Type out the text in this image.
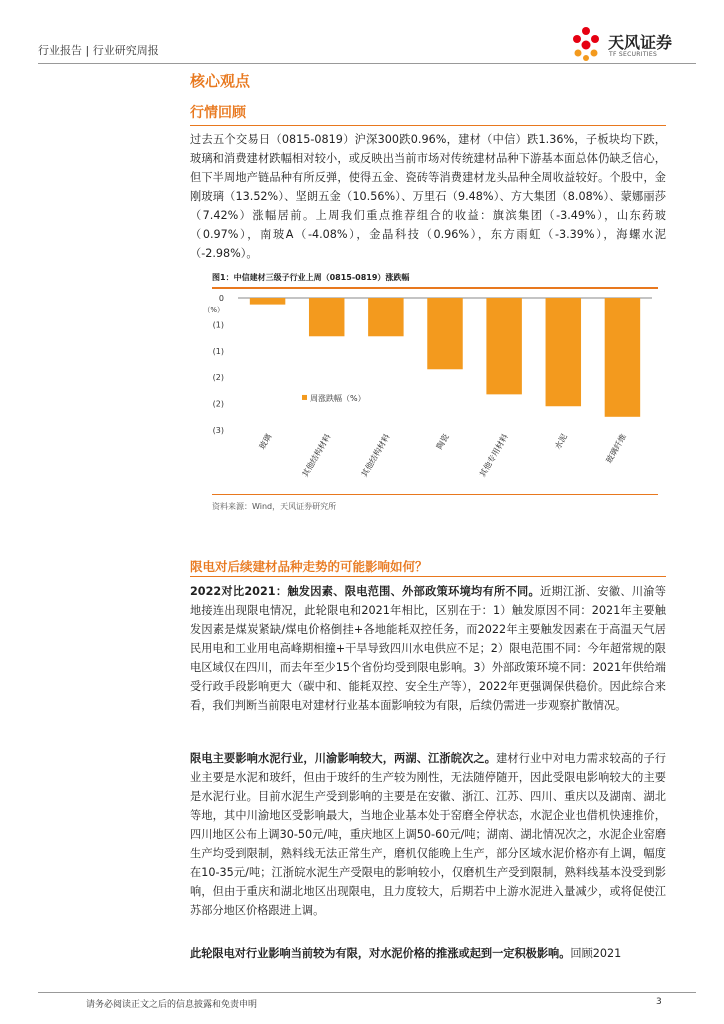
行业报告 | 行业研究周报	天风证券
TF SECURITIES
核心观点
行情回顾

过去五个交易日（0815-0819）沪深300跌0.96%，建材（中信）跌1.36%，子板块均下跌，玻璃和消费建材跌幅相对较小，或反映出当前市场对传统建材品种下游基本面总体仍缺乏信心，但下半周地产链品种有所反弹，使得五金、瓷砖等消费建材龙头品种全周收益较好。个股中，金刚玻璃（13.52%）、坚朗五金（10.56%）、万里石（9.48%）、方大集团（8.08%）、蒙娜丽莎（7.42%）涨幅居前。上周我们重点推荐组合的收益：旗滨集团（-3.49%），山东药玻（0.97%），南玻A（-4.08%），金晶科技（0.96%），东方雨虹（-3.39%），海螺水泥（-2.98%）。

图1：中信建材三级子行业上周（0815-0819）涨跌幅
玻璃	其他结构材料	其他结构材料	陶瓷	其他专用材料	水泥	玻璃纤维
0
(1)
(1)
(2)
(2)
(3)
（%）
周涨跌幅（%）
资料来源：Wind，天风证券研究所
限电对后续建材品种走势的可能影响如何？

2022对比2021：触发因素、限电范围、外部政策环境均有所不同。近期江浙、安徽、川渝等地接连出现限电情况，此轮限电和2021年相比，区别在于：1）触发原因不同：2021年主要触发因素是煤炭紧缺/煤电价格倒挂+各地能耗双控任务，而2022年主要触发因素在于高温天气居民用电和工业用电高峰期相撞+干旱导致四川水电供应不足；2）限电范围不同：今年超常规的限电区域仅在四川，而去年至少15个省份均受到限电影响。3）外部政策环境不同：2021年供给端受行政手段影响更大（碳中和、能耗双控、安全生产等），2022年更强调保供稳价。因此综合来看，我们判断当前限电对建材行业基本面影响较为有限，后续仍需进一步观察扩散情况。

限电主要影响水泥行业，川渝影响较大，两湖、江浙皖次之。建材行业中对电力需求较高的子行业主要是水泥和玻纤，但由于玻纤的生产较为刚性，无法随停随开，因此受限电影响较大的主要是水泥行业。目前水泥生产受到影响的主要是在安徽、浙江、江苏、四川、重庆以及湖南、湖北等地，其中川渝地区受影响最大，当地企业基本处于窑磨全停状态，水泥企业也借机快速推价，四川地区公布上调30-50元/吨，重庆地区上调50-60元/吨；湖南、湖北情况次之，水泥企业窑磨生产均受到限制，熟料线无法正常生产，磨机仅能晚上生产，部分区域水泥价格亦有上调，幅度在10-35元/吨；江浙皖水泥生产受限电的影响较小，仅磨机生产受到限制，熟料线基本没受到影响，但由于重庆和湖北地区出现限电，且力度较大，后期若中上游水泥进入量减少，或将促使江苏部分地区价格跟进上调。

此轮限电对行业影响当前较为有限，对水泥价格的推涨或起到一定积极影响。回顾2021

请务必阅读正文之后的信息披露和免责申明	3
